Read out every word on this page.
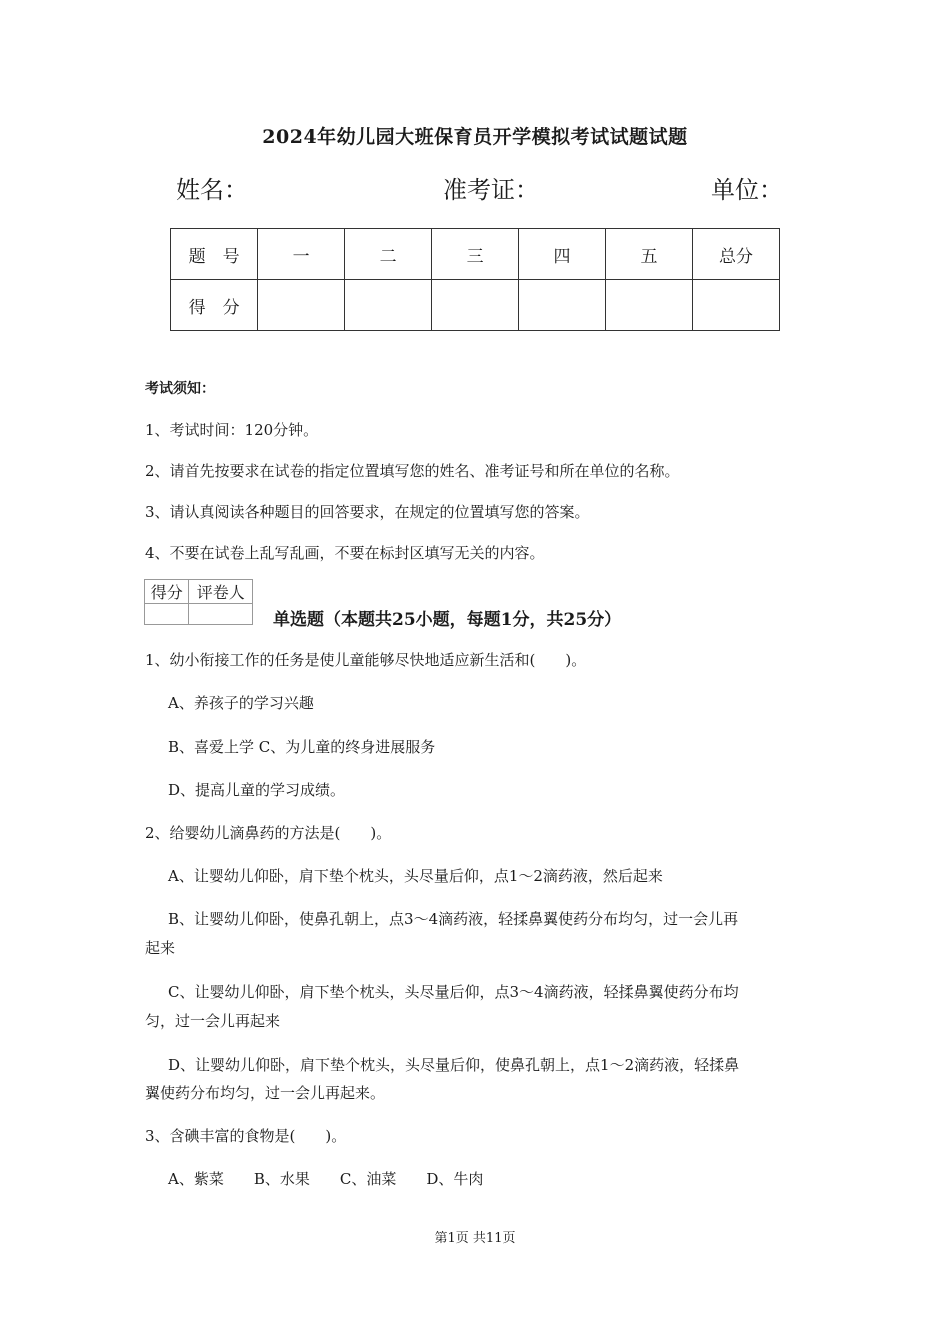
2024年幼儿园大班保育员开学模拟考试试题试题
姓名：	准考证：	单位：
题　号	一	二	三	四	五	总分
得　分						
考试须知：
1、考试时间：120分钟。
2、请首先按要求在试卷的指定位置填写您的姓名、准考证号和所在单位的名称。
3、请认真阅读各种题目的回答要求，在规定的位置填写您的答案。
4、不要在试卷上乱写乱画，不要在标封区填写无关的内容。
得分	评卷人

单选题（本题共25小题，每题1分，共25分）
1、幼小衔接工作的任务是使儿童能够尽快地适应新生活和(　　)。
A、养孩子的学习兴趣
B、喜爱上学 C、为儿童的终身进展服务
D、提高儿童的学习成绩。
2、给婴幼儿滴鼻药的方法是(　　)。
A、让婴幼儿仰卧，肩下垫个枕头，头尽量后仰，点1～2滴药液，然后起来
B、让婴幼儿仰卧，使鼻孔朝上，点3～4滴药液，轻揉鼻翼使药分布均匀，过一会儿再
起来
C、让婴幼儿仰卧，肩下垫个枕头，头尽量后仰，点3～4滴药液，轻揉鼻翼使药分布均
匀，过一会儿再起来
D、让婴幼儿仰卧，肩下垫个枕头，头尽量后仰，使鼻孔朝上，点1～2滴药液，轻揉鼻
翼使药分布均匀，过一会儿再起来。
3、含碘丰富的食物是(　　)。
A、紫菜　　B、水果　　C、油菜　　D、牛肉
第1页 共11页
